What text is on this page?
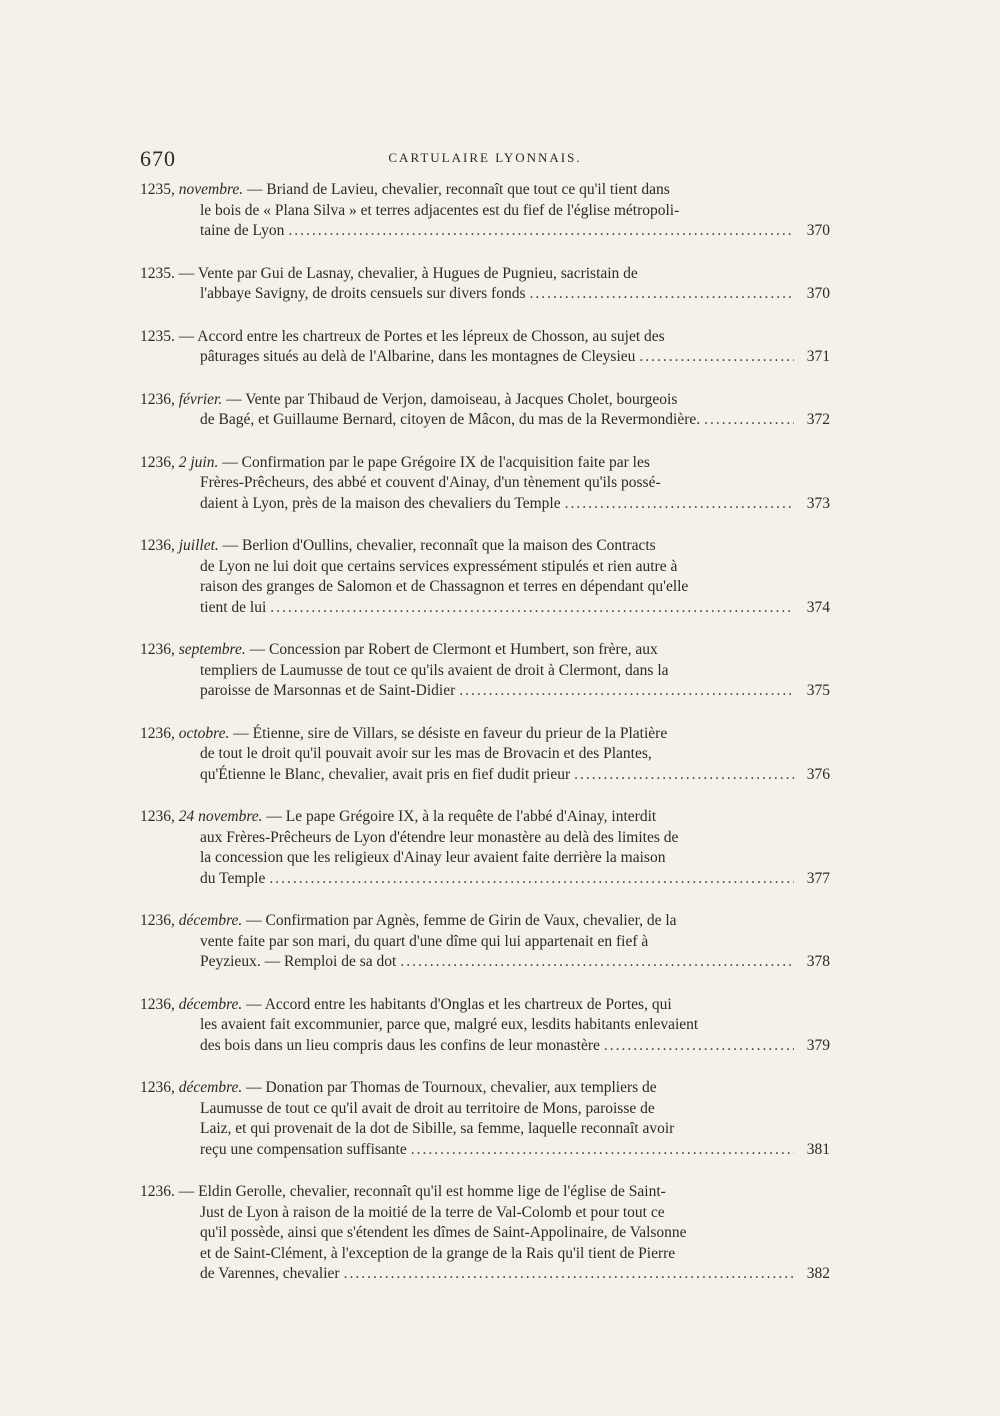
670	CARTULAIRE LYONNAIS.
1235, novembre. — Briand de Lavieu, chevalier, reconnaît que tout ce qu'il tient dans
le bois de « Plana Silva » et terres adjacentes est du fief de l'église métropoli-
taine de Lyon .....	370
1235. — Vente par Gui de Lasnay, chevalier, à Hugues de Pugnieu, sacristain de
l'abbaye Savigny, de droits censuels sur divers fonds .....	370
1235. — Accord entre les chartreux de Portes et les lépreux de Chosson, au sujet des
pâturages situés au delà de l'Albarine, dans les montagnes de Cleysieu .....	371
1236, février. — Vente par Thibaud de Verjon, damoiseau, à Jacques Cholet, bourgeois
de Bagé, et Guillaume Bernard, citoyen de Mâcon, du mas de la Revermondière. .....	372
1236, 2 juin. — Confirmation par le pape Grégoire IX de l'acquisition faite par les
Frères-Prêcheurs, des abbé et couvent d'Ainay, d'un tènement qu'ils possé-
daient à Lyon, près de la maison des chevaliers du Temple .....	373
1236, juillet. — Berlion d'Oullins, chevalier, reconnaît que la maison des Contracts
de Lyon ne lui doit que certains services expressément stipulés et rien autre à
raison des granges de Salomon et de Chassagnon et terres en dépendant qu'elle
tient de lui .....	374
1236, septembre. — Concession par Robert de Clermont et Humbert, son frère, aux
templiers de Laumusse de tout ce qu'ils avaient de droit à Clermont, dans la
paroisse de Marsonnas et de Saint-Didier .....	375
1236, octobre. — Étienne, sire de Villars, se désiste en faveur du prieur de la Platière
de tout le droit qu'il pouvait avoir sur les mas de Brovacin et des Plantes,
qu'Étienne le Blanc, chevalier, avait pris en fief dudit prieur .....	376
1236, 24 novembre. — Le pape Grégoire IX, à la requête de l'abbé d'Ainay, interdit
aux Frères-Prêcheurs de Lyon d'étendre leur monastère au delà des limites de
la concession que les religieux d'Ainay leur avaient faite derrière la maison
du Temple .....	377
1236, décembre. — Confirmation par Agnès, femme de Girin de Vaux, chevalier, de la
vente faite par son mari, du quart d'une dîme qui lui appartenait en fief à
Peyzieux. — Remploi de sa dot .....	378
1236, décembre. — Accord entre les habitants d'Onglas et les chartreux de Portes, qui
les avaient fait excommunier, parce que, malgré eux, lesdits habitants enlevaient
des bois dans un lieu compris daus les confins de leur monastère .....	379
1236, décembre. — Donation par Thomas de Tournoux, chevalier, aux templiers de
Laumusse de tout ce qu'il avait de droit au territoire de Mons, paroisse de
Laiz, et qui provenait de la dot de Sibille, sa femme, laquelle reconnaît avoir
reçu une compensation suffisante .....	381
1236. — Eldin Gerolle, chevalier, reconnaît qu'il est homme lige de l'église de Saint-
Just de Lyon à raison de la moitié de la terre de Val-Colomb et pour tout ce
qu'il possède, ainsi que s'étendent les dîmes de Saint-Appolinaire, de Valsonne
et de Saint-Clément, à l'exception de la grange de la Rais qu'il tient de Pierre
de Varennes, chevalier .....	382
